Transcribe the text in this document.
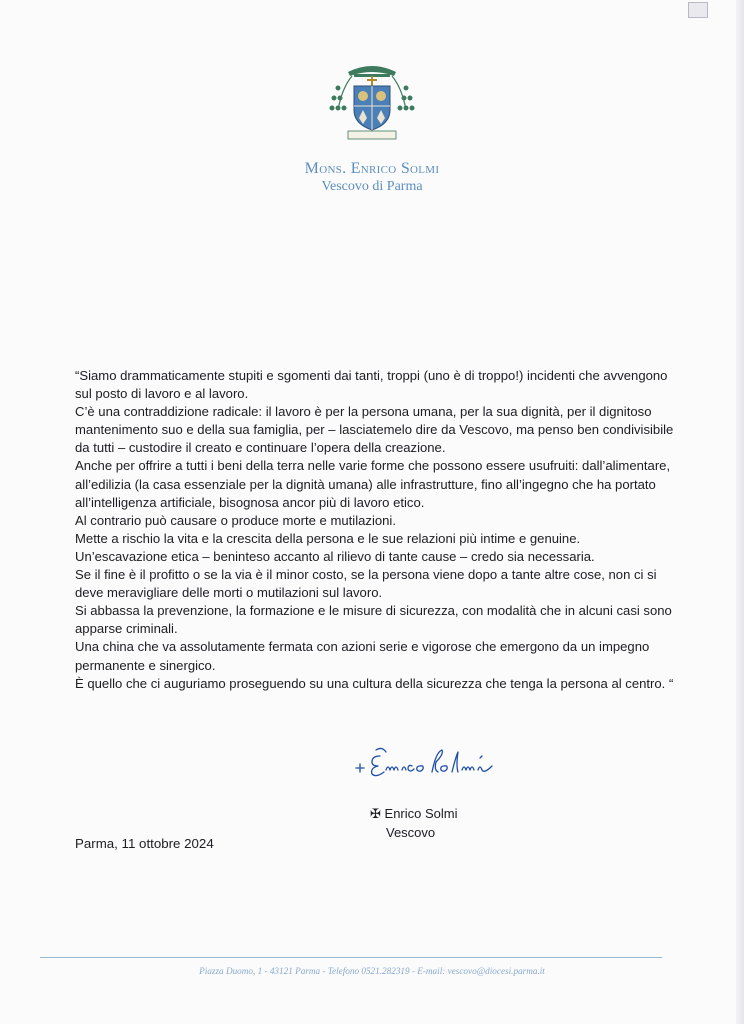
Mons. Enrico Solmi
Vescovo di Parma

“Siamo drammaticamente stupiti e sgomenti dai tanti, troppi (uno è di troppo!) incidenti che avvengono sul posto di lavoro e al lavoro.

C’è una contraddizione radicale: il lavoro è per la persona umana, per la sua dignità, per il dignitoso mantenimento suo e della sua famiglia, per – lasciatemelo dire da Vescovo, ma penso ben condivisibile da tutti – custodire il creato e continuare l’opera della creazione.

Anche per offrire a tutti i beni della terra nelle varie forme che possono essere usufruiti: dall’alimentare, all’edilizia (la casa essenziale per la dignità umana) alle infrastrutture, fino all’ingegno che ha portato all’intelligenza artificiale, bisognosa ancor più di lavoro etico.

Al contrario può causare o produce morte e mutilazioni.

Mette a rischio la vita e la crescita della persona e le sue relazioni più intime e genuine.

Un’escavazione etica – beninteso accanto al rilievo di tante cause – credo sia necessaria.

Se il fine è il profitto o se la via è il minor costo, se la persona viene dopo a tante altre cose, non ci si deve meravigliare delle morti o mutilazioni sul lavoro.

Si abbassa la prevenzione, la formazione e le misure di sicurezza, con modalità che in alcuni casi sono apparse criminali.

Una china che va assolutamente fermata con azioni serie e vigorose che emergono da un impegno permanente e sinergico.

È quello che ci auguriamo proseguendo su una cultura della sicurezza che tenga la persona al centro. “

✠ Enrico Solmi
Vescovo
Parma, 11 ottobre 2024
Piazza Duomo, 1 - 43121 Parma - Telefono 0521.282319 - E-mail: vescovo@diocesi.parma.it
